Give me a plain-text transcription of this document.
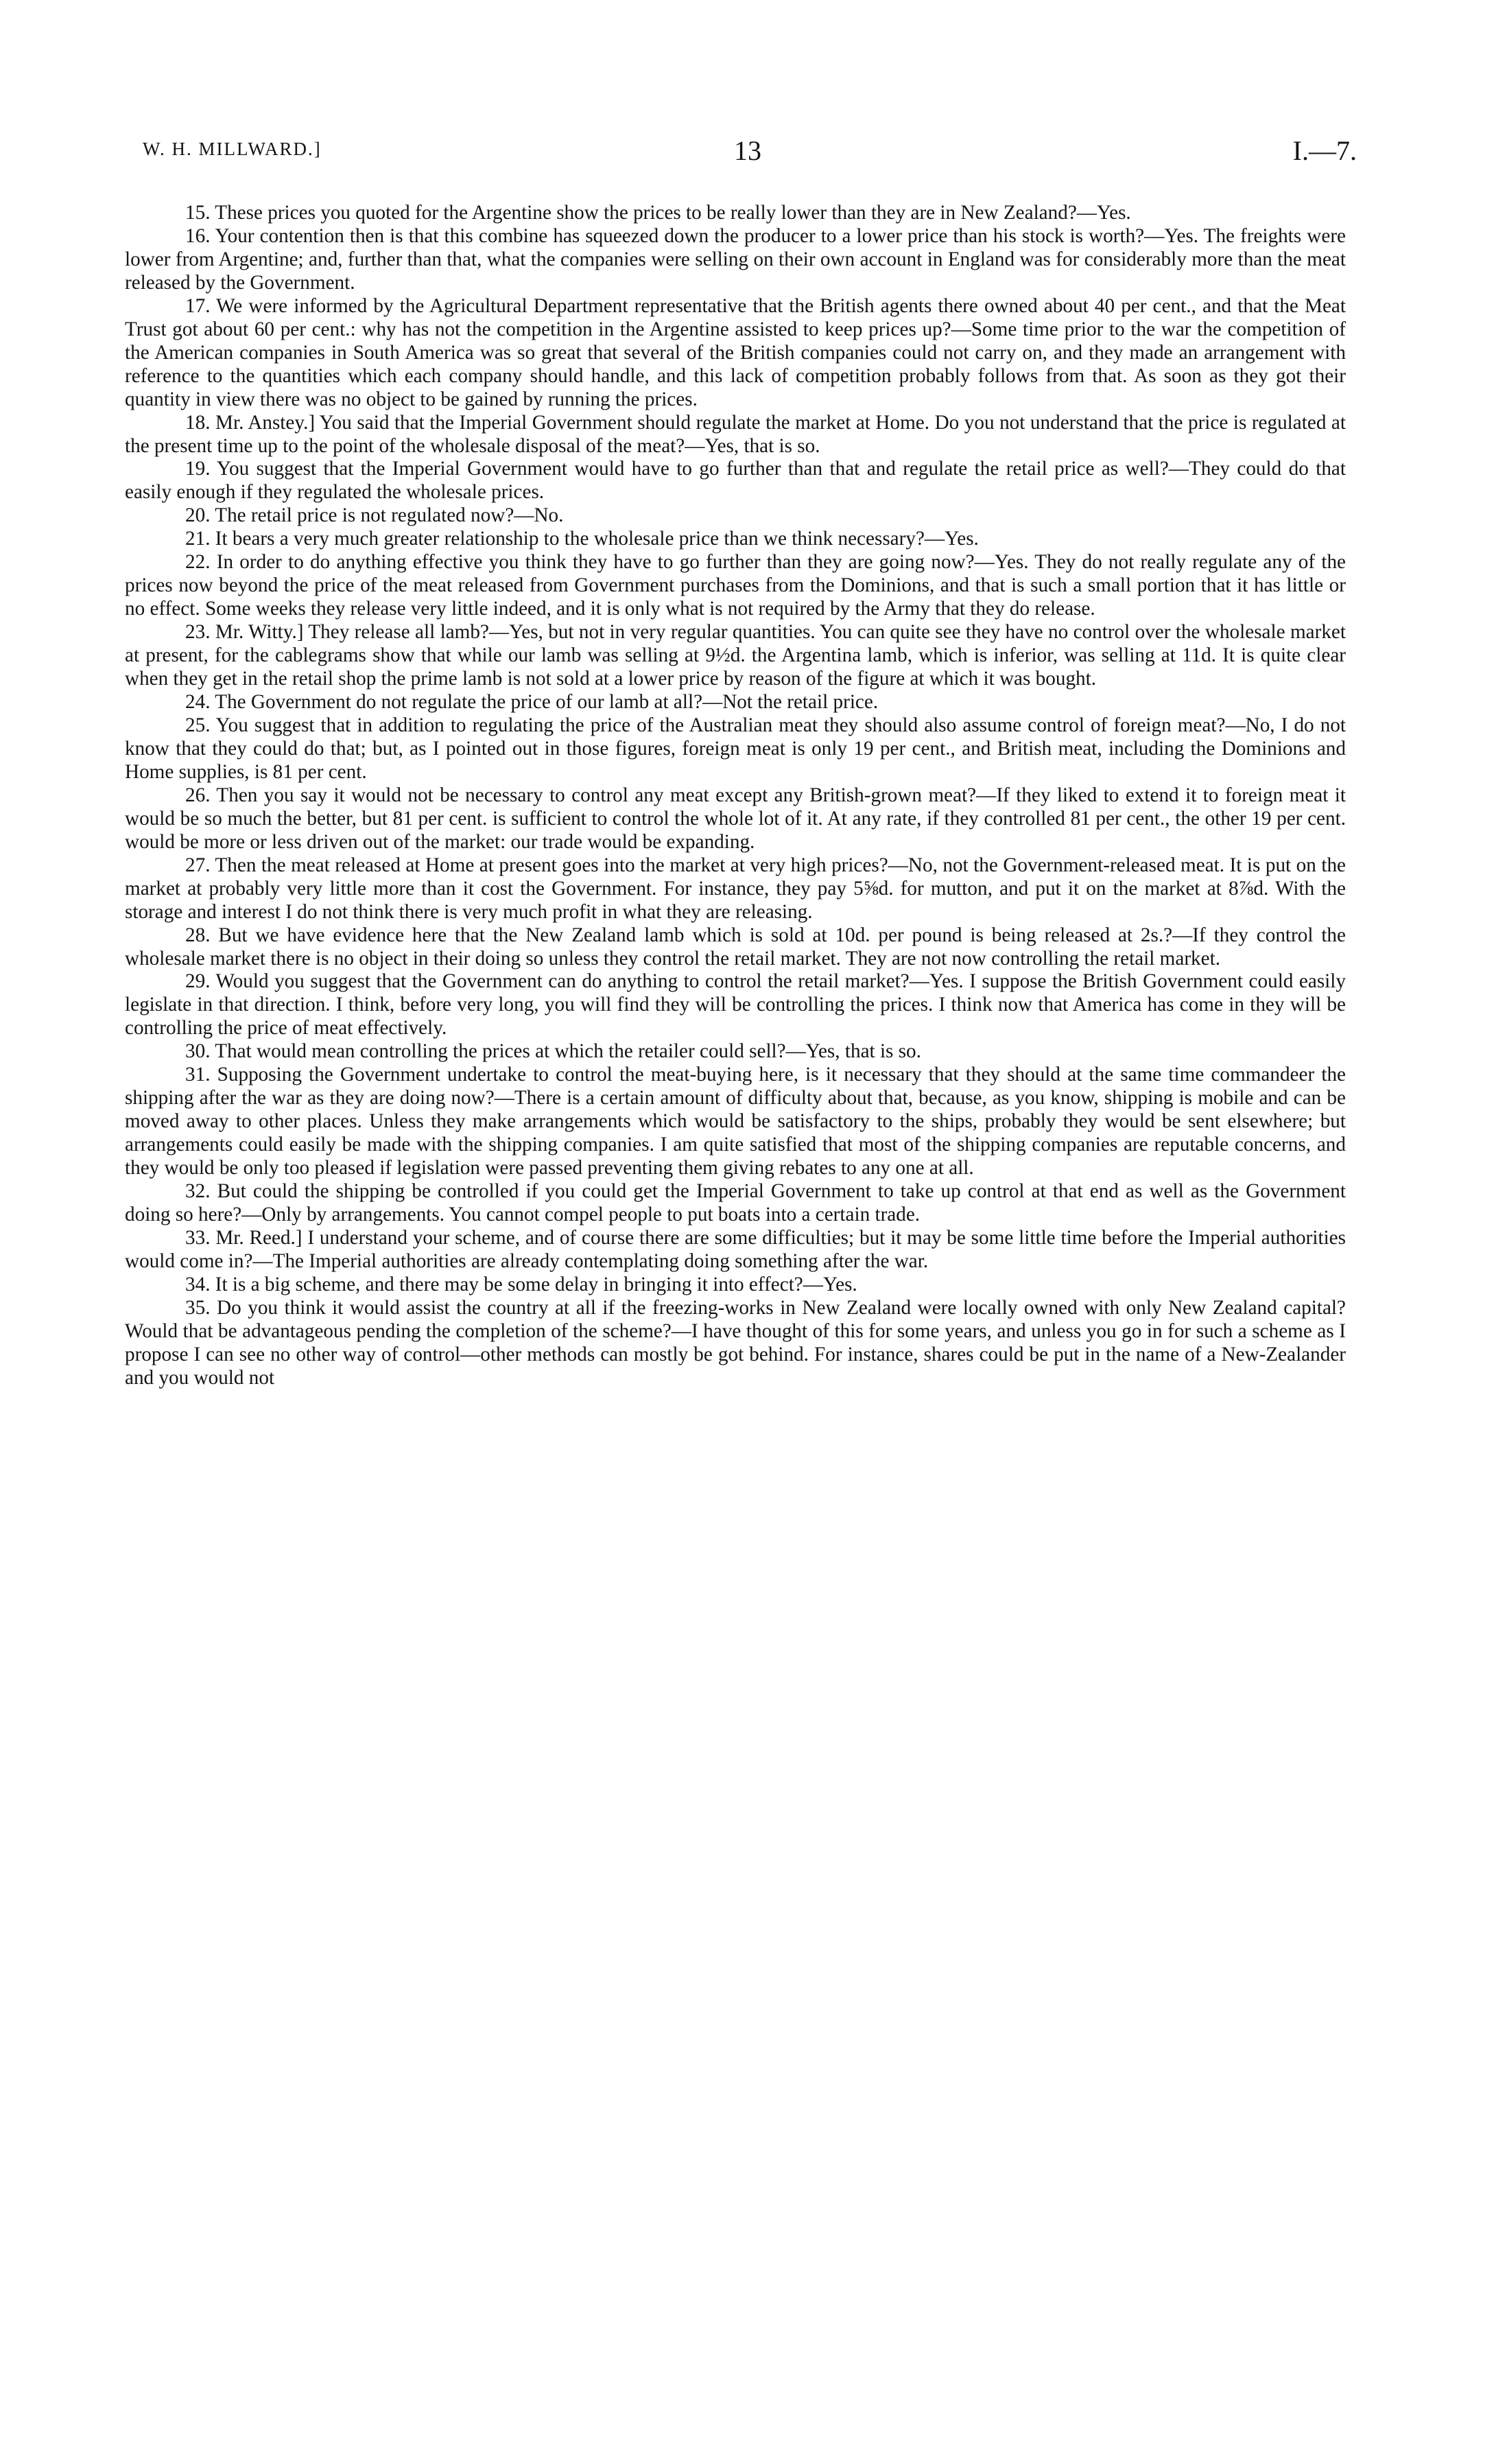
W. H. MILLWARD.]	13	I.—7.

15. These prices you quoted for the Argentine show the prices to be really lower than they are in New Zealand?—Yes.

16. Your contention then is that this combine has squeezed down the producer to a lower price than his stock is worth?—Yes. The freights were lower from Argentine; and, further than that, what the companies were selling on their own account in England was for considerably more than the meat released by the Government.

17. We were informed by the Agricultural Department representative that the British agents there owned about 40 per cent., and that the Meat Trust got about 60 per cent.: why has not the competition in the Argentine assisted to keep prices up?—Some time prior to the war the competition of the American companies in South America was so great that several of the British companies could not carry on, and they made an arrangement with reference to the quantities which each company should handle, and this lack of competition probably follows from that. As soon as they got their quantity in view there was no object to be gained by running the prices.

18. Mr. Anstey.] You said that the Imperial Government should regulate the market at Home. Do you not understand that the price is regulated at the present time up to the point of the wholesale disposal of the meat?—Yes, that is so.

19. You suggest that the Imperial Government would have to go further than that and regulate the retail price as well?—They could do that easily enough if they regulated the wholesale prices.

20. The retail price is not regulated now?—No.

21. It bears a very much greater relationship to the wholesale price than we think necessary?—Yes.

22. In order to do anything effective you think they have to go further than they are going now?—Yes. They do not really regulate any of the prices now beyond the price of the meat released from Government purchases from the Dominions, and that is such a small portion that it has little or no effect. Some weeks they release very little indeed, and it is only what is not required by the Army that they do release.

23. Mr. Witty.] They release all lamb?—Yes, but not in very regular quantities. You can quite see they have no control over the wholesale market at present, for the cablegrams show that while our lamb was selling at 9½d. the Argentina lamb, which is inferior, was selling at 11d. It is quite clear when they get in the retail shop the prime lamb is not sold at a lower price by reason of the figure at which it was bought.

24. The Government do not regulate the price of our lamb at all?—Not the retail price.

25. You suggest that in addition to regulating the price of the Australian meat they should also assume control of foreign meat?—No, I do not know that they could do that; but, as I pointed out in those figures, foreign meat is only 19 per cent., and British meat, including the Dominions and Home supplies, is 81 per cent.

26. Then you say it would not be necessary to control any meat except any British-grown meat?—If they liked to extend it to foreign meat it would be so much the better, but 81 per cent. is sufficient to control the whole lot of it. At any rate, if they controlled 81 per cent., the other 19 per cent. would be more or less driven out of the market: our trade would be expanding.

27. Then the meat released at Home at present goes into the market at very high prices?—No, not the Government-released meat. It is put on the market at probably very little more than it cost the Government. For instance, they pay 5⅝d. for mutton, and put it on the market at 8⅞d. With the storage and interest I do not think there is very much profit in what they are releasing.

28. But we have evidence here that the New Zealand lamb which is sold at 10d. per pound is being released at 2s.?—If they control the wholesale market there is no object in their doing so unless they control the retail market. They are not now controlling the retail market.

29. Would you suggest that the Government can do anything to control the retail market?—Yes. I suppose the British Government could easily legislate in that direction. I think, before very long, you will find they will be controlling the prices. I think now that America has come in they will be controlling the price of meat effectively.

30. That would mean controlling the prices at which the retailer could sell?—Yes, that is so.

31. Supposing the Government undertake to control the meat-buying here, is it necessary that they should at the same time commandeer the shipping after the war as they are doing now?—There is a certain amount of difficulty about that, because, as you know, shipping is mobile and can be moved away to other places. Unless they make arrangements which would be satisfactory to the ships, probably they would be sent elsewhere; but arrangements could easily be made with the shipping companies. I am quite satisfied that most of the shipping companies are reputable concerns, and they would be only too pleased if legislation were passed preventing them giving rebates to any one at all.

32. But could the shipping be controlled if you could get the Imperial Government to take up control at that end as well as the Government doing so here?—Only by arrangements. You cannot compel people to put boats into a certain trade.

33. Mr. Reed.] I understand your scheme, and of course there are some difficulties; but it may be some little time before the Imperial authorities would come in?—The Imperial authorities are already contemplating doing something after the war.

34. It is a big scheme, and there may be some delay in bringing it into effect?—Yes.

35. Do you think it would assist the country at all if the freezing-works in New Zealand were locally owned with only New Zealand capital? Would that be advantageous pending the completion of the scheme?—I have thought of this for some years, and unless you go in for such a scheme as I propose I can see no other way of control—other methods can mostly be got behind. For instance, shares could be put in the name of a New-Zealander and you would not
